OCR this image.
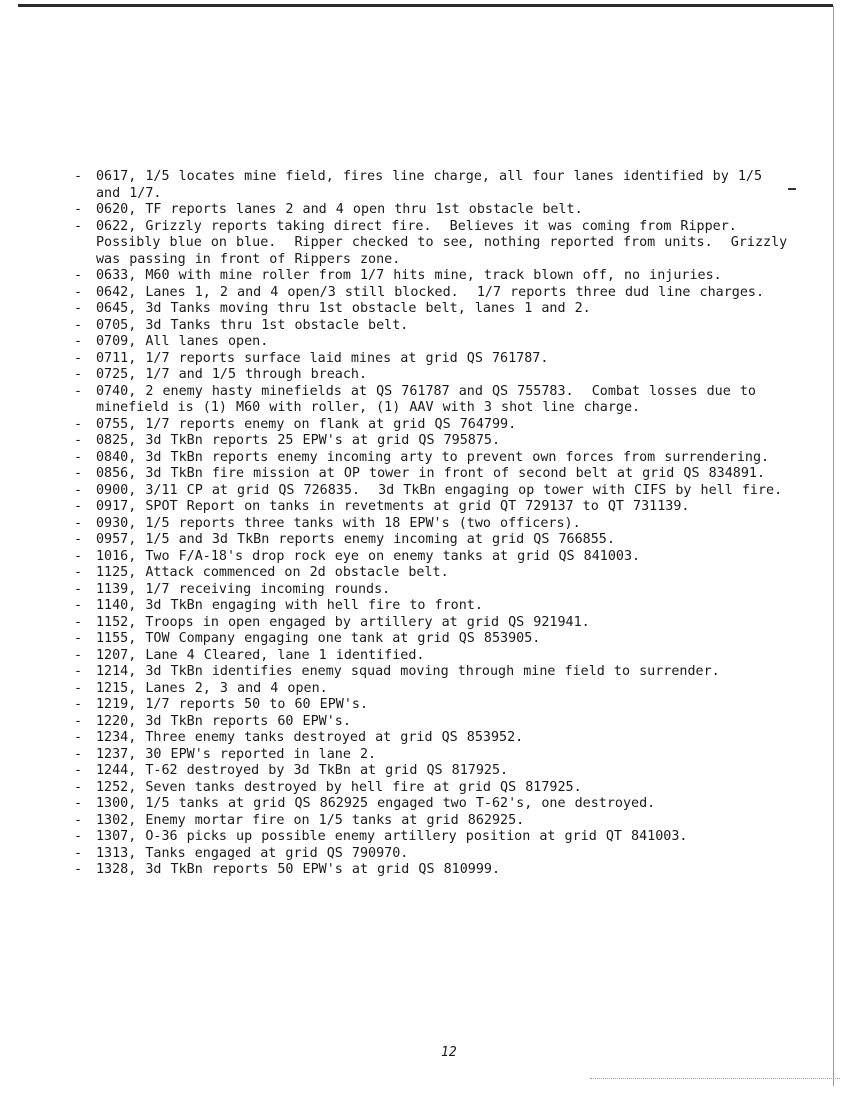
- 0617, 1/5 locates mine field, fires line charge, all four lanes identified by 1/5 and 1/7.
- 0620, TF reports lanes 2 and 4 open thru 1st obstacle belt.
- 0622, Grizzly reports taking direct fire.  Believes it was coming from Ripper.  Possibly blue on blue.  Ripper checked to see, nothing reported from units.  Grizzly was passing in front of Rippers zone.
- 0633, M60 with mine roller from 1/7 hits mine, track blown off, no injuries.
- 0642, Lanes 1, 2 and 4 open/3 still blocked.  1/7 reports three dud line charges.
- 0645, 3d Tanks moving thru 1st obstacle belt, lanes 1 and 2.
- 0705, 3d Tanks thru 1st obstacle belt.
- 0709, All lanes open.
- 0711, 1/7 reports surface laid mines at grid QS 761787.
- 0725, 1/7 and 1/5 through breach.
- 0740, 2 enemy hasty minefields at QS 761787 and QS 755783.  Combat losses due to minefield is (1) M60 with roller, (1) AAV with 3 shot line charge.
- 0755, 1/7 reports enemy on flank at grid QS 764799.
- 0825, 3d TkBn reports 25 EPW's at grid QS 795875.
- 0840, 3d TkBn reports enemy incoming arty to prevent own forces from surrendering.
- 0856, 3d TkBn fire mission at OP tower in front of second belt at grid QS 834891.
- 0900, 3/11 CP at grid QS 726835.  3d TkBn engaging op tower with CIFS by hell fire.
- 0917, SPOT Report on tanks in revetments at grid QT 729137 to QT 731139.
- 0930, 1/5 reports three tanks with 18 EPW's (two officers).
- 0957, 1/5 and 3d TkBn reports enemy incoming at grid QS 766855.
- 1016, Two F/A-18's drop rock eye on enemy tanks at grid QS 841003.
- 1125, Attack commenced on 2d obstacle belt.
- 1139, 1/7 receiving incoming rounds.
- 1140, 3d TkBn engaging with hell fire to front.
- 1152, Troops in open engaged by artillery at grid QS 921941.
- 1155, TOW Company engaging one tank at grid QS 853905.
- 1207, Lane 4 Cleared, lane 1 identified.
- 1214, 3d TkBn identifies enemy squad moving through mine field to surrender.
- 1215, Lanes 2, 3 and 4 open.
- 1219, 1/7 reports 50 to 60 EPW's.
- 1220, 3d TkBn reports 60 EPW's.
- 1234, Three enemy tanks destroyed at grid QS 853952.
- 1237, 30 EPW's reported in lane 2.
- 1244, T-62 destroyed by 3d TkBn at grid QS 817925.
- 1252, Seven tanks destroyed by hell fire at grid QS 817925.
- 1300, 1/5 tanks at grid QS 862925 engaged two T-62's, one destroyed.
- 1302, Enemy mortar fire on 1/5 tanks at grid 862925.
- 1307, O-36 picks up possible enemy artillery position at grid QT 841003.
- 1313, Tanks engaged at grid QS 790970.
- 1328, 3d TkBn reports 50 EPW's at grid QS 810999.
12
